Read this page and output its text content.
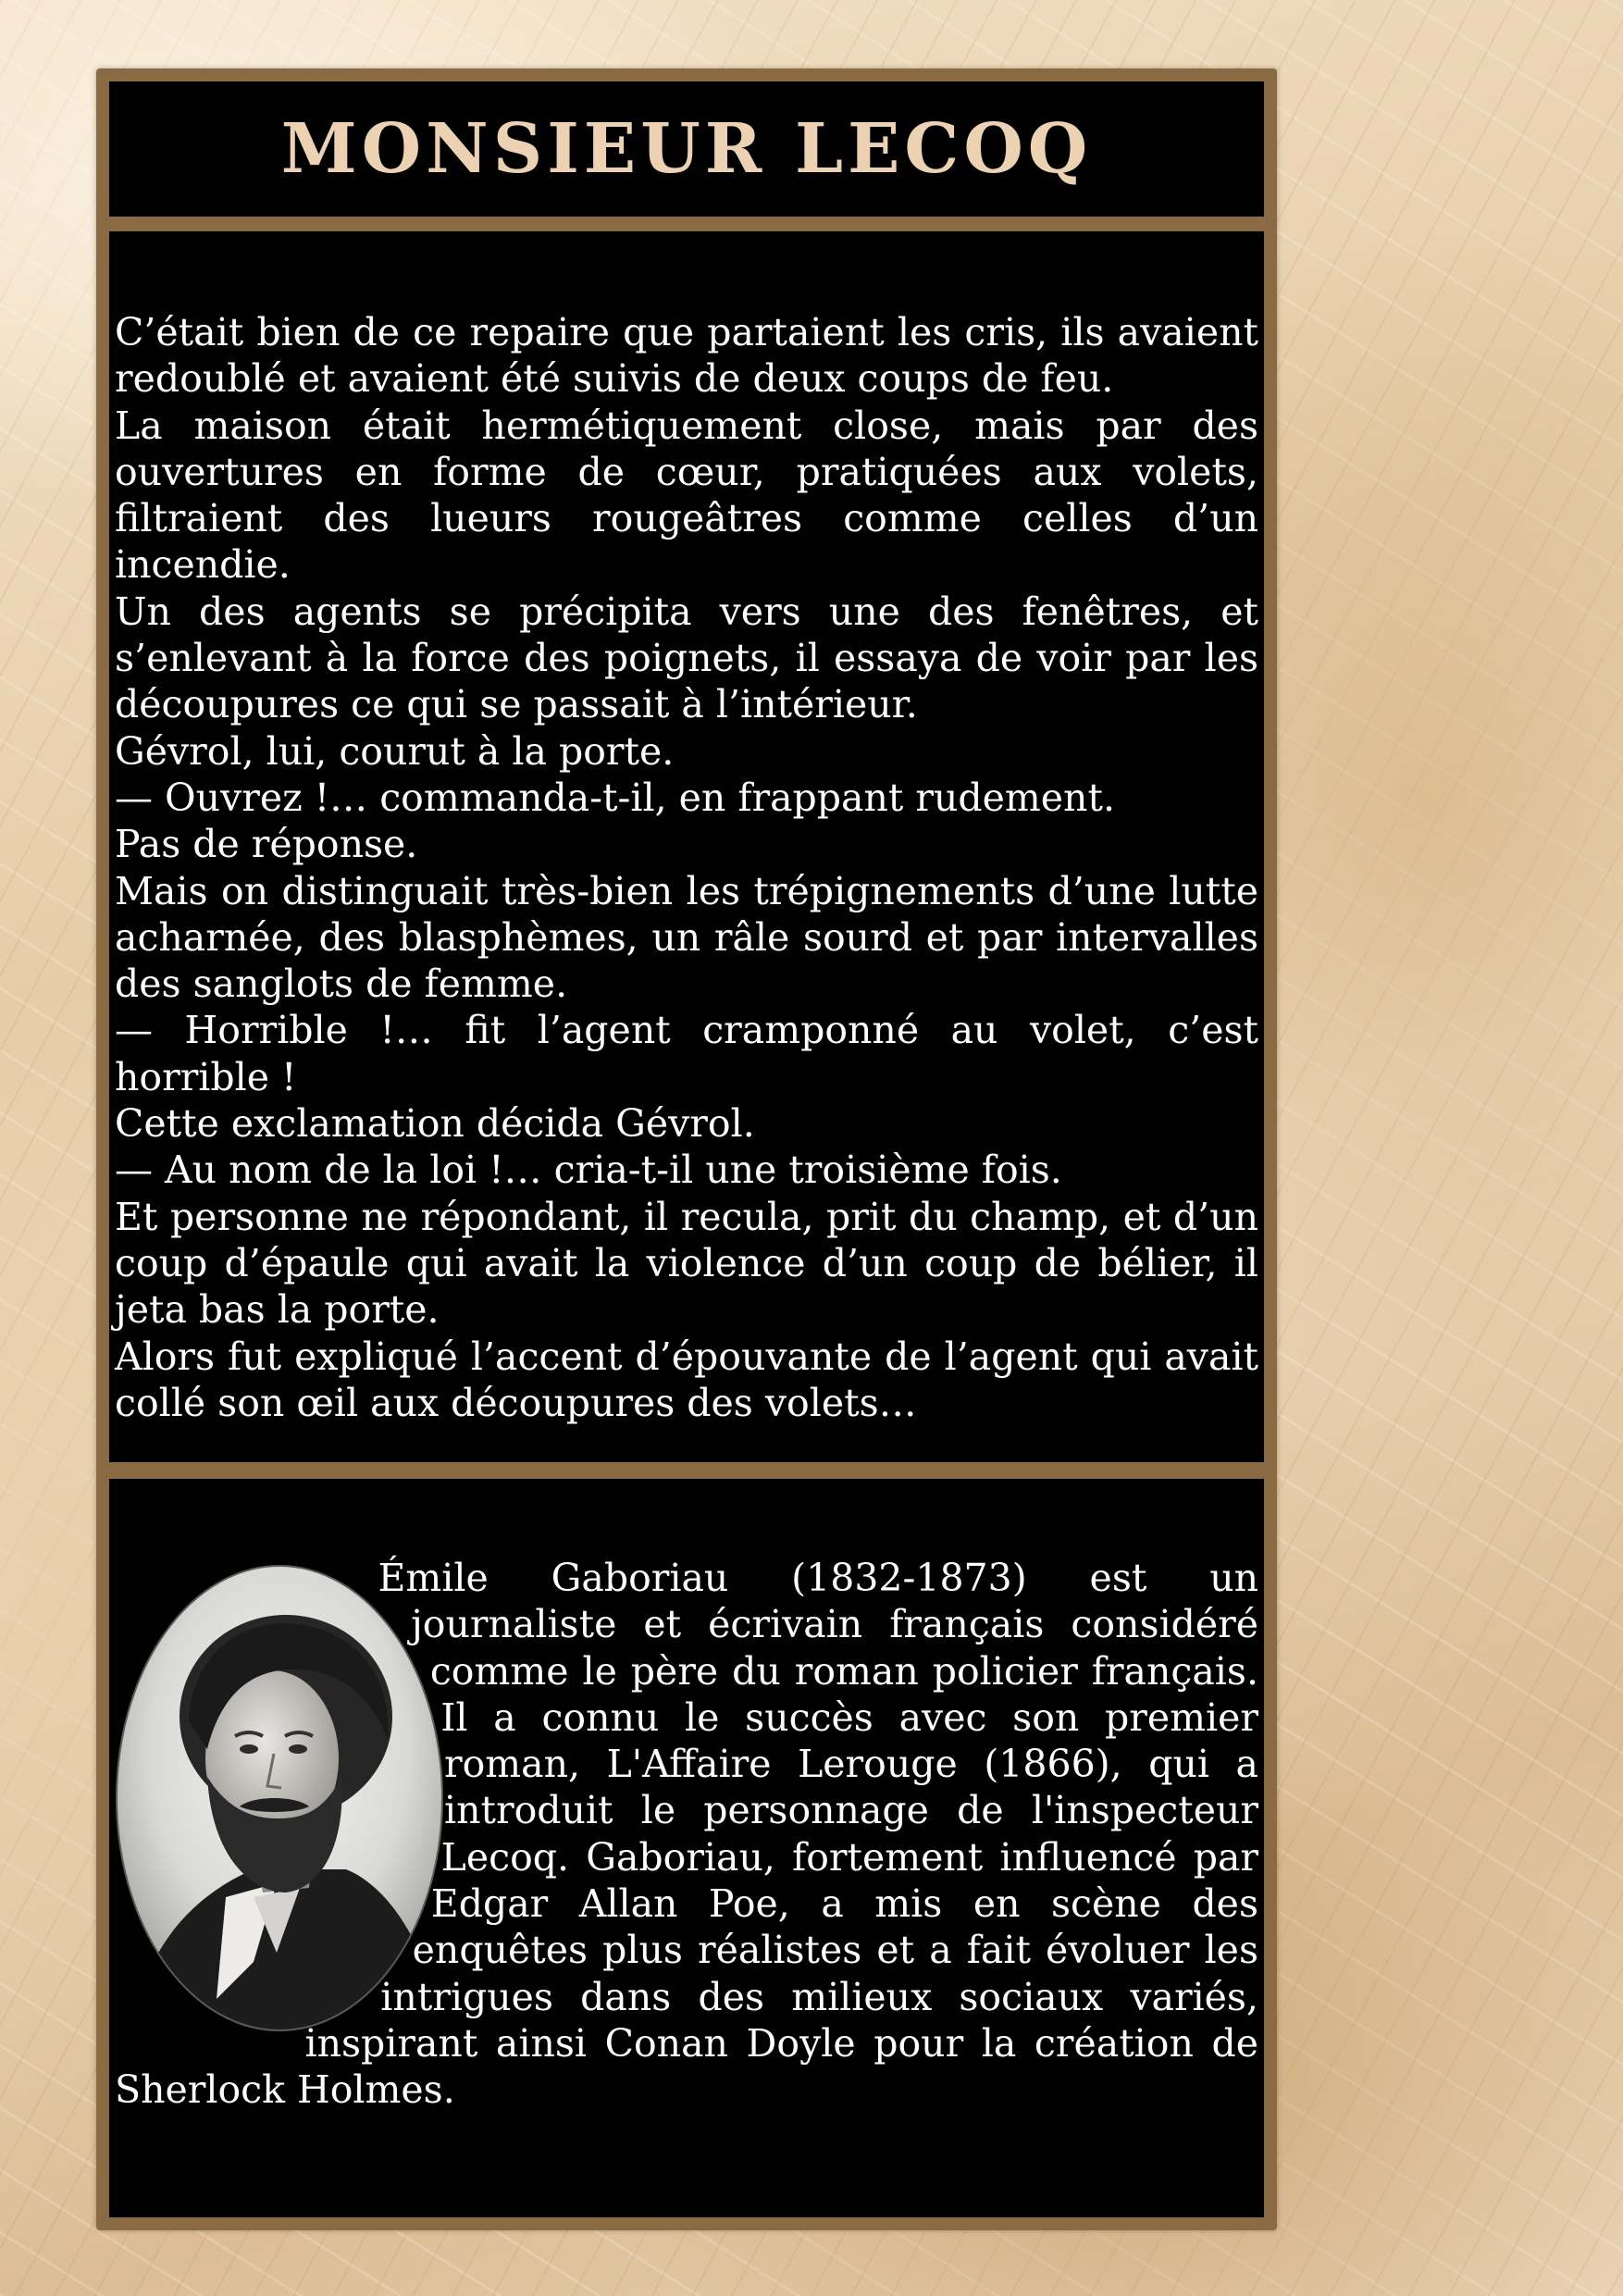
MONSIEUR LECOQ

C’était bien de ce repaire que partaient les cris, ils avaient redoublé et avaient été suivis de deux coups de feu.

La maison était hermétiquement close, mais par des ouvertures en forme de cœur, pratiquées aux volets, filtraient des lueurs rougeâtres comme celles d’un incendie.

Un des agents se précipita vers une des fenêtres, et s’enlevant à la force des poignets, il essaya de voir par les découpures ce qui se passait à l’intérieur.

Gévrol, lui, courut à la porte.

— Ouvrez !… commanda-t-il, en frappant rudement.

Pas de réponse.

Mais on distinguait très-bien les trépignements d’une lutte acharnée, des blasphèmes, un râle sourd et par intervalles des sanglots de femme.

— Horrible !… fit l’agent cramponné au volet, c’est horrible !

Cette exclamation décida Gévrol.

— Au nom de la loi !… cria-t-il une troisième fois.

Et personne ne répondant, il recula, prit du champ, et d’un coup d’épaule qui avait la violence d’un coup de bélier, il jeta bas la porte.

Alors fut expliqué l’accent d’épouvante de l’agent qui avait collé son œil aux découpures des volets…

Émile Gaboriau (1832-1873) est un journaliste et écrivain français considéré comme le père du roman policier français. Il a connu le succès avec son premier roman, L'Affaire Lerouge (1866), qui a introduit le personnage de l'inspecteur Lecoq. Gaboriau, fortement influencé par Edgar Allan Poe, a mis en scène des enquêtes plus réalistes et a fait évoluer les intrigues dans des milieux sociaux variés, inspirant ainsi Conan Doyle pour la création de Sherlock Holmes.
